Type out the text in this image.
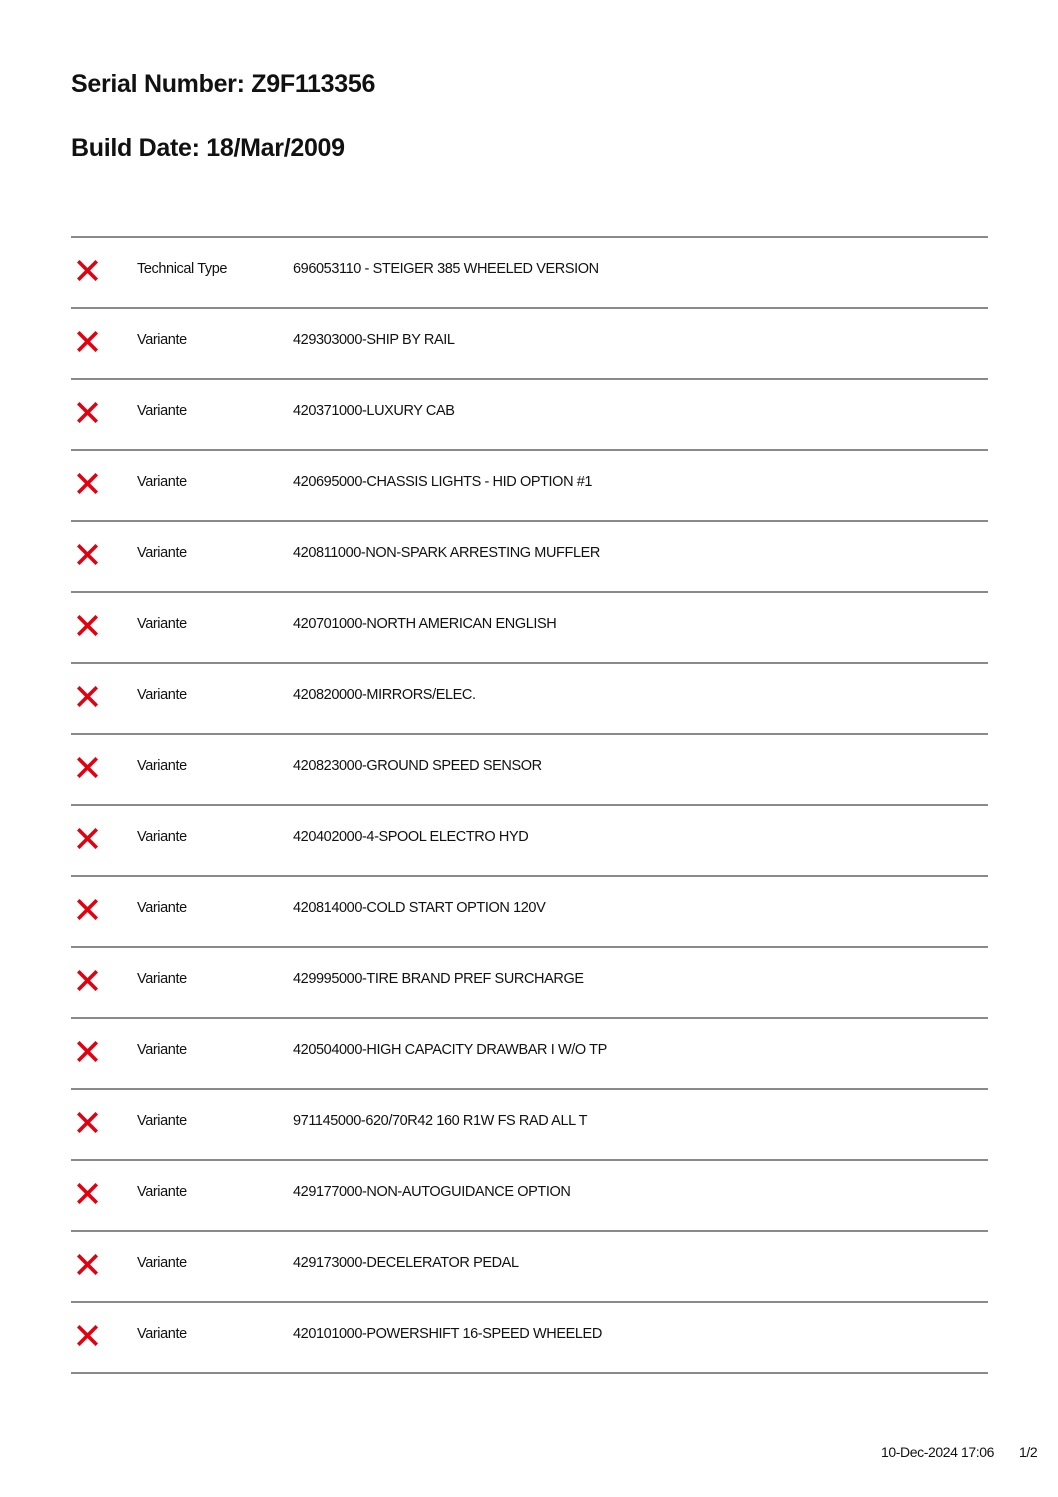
Serial Number: Z9F113356
Build Date: 18/Mar/2009
Technical Type	696053110 - STEIGER 385 WHEELED VERSION
Variante	429303000-SHIP BY RAIL
Variante	420371000-LUXURY CAB
Variante	420695000-CHASSIS LIGHTS - HID OPTION #1
Variante	420811000-NON-SPARK ARRESTING MUFFLER
Variante	420701000-NORTH AMERICAN ENGLISH
Variante	420820000-MIRRORS/ELEC.
Variante	420823000-GROUND SPEED SENSOR
Variante	420402000-4-SPOOL ELECTRO HYD
Variante	420814000-COLD START OPTION 120V
Variante	429995000-TIRE BRAND PREF SURCHARGE
Variante	420504000-HIGH CAPACITY DRAWBAR I W/O TP
Variante	971145000-620/70R42 160 R1W FS RAD ALL T
Variante	429177000-NON-AUTOGUIDANCE OPTION
Variante	429173000-DECELERATOR PEDAL
Variante	420101000-POWERSHIFT 16-SPEED WHEELED
10-Dec-2024 17:06 1/2
